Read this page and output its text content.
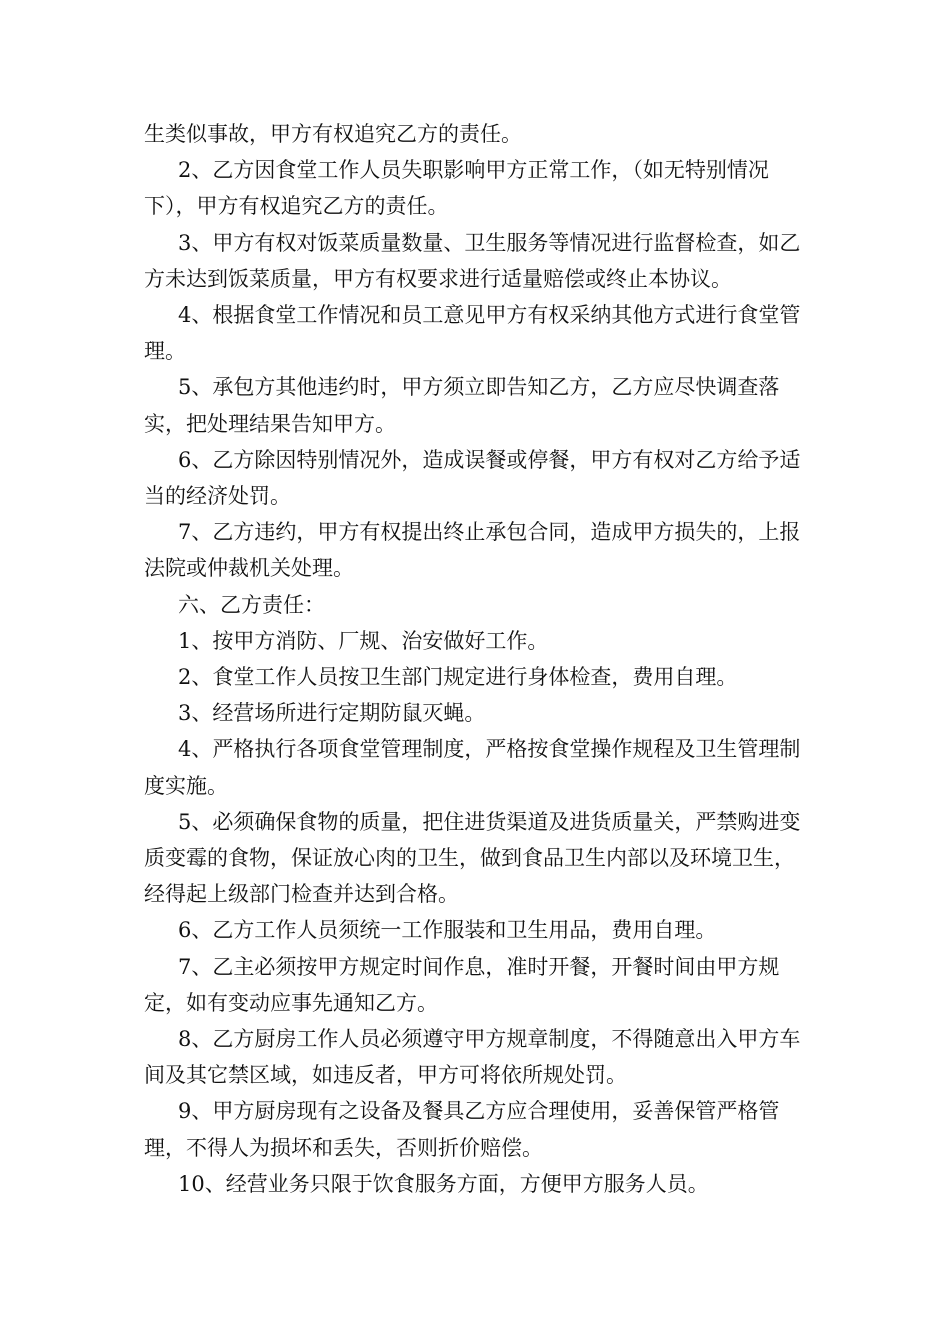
生类似事故，甲方有权追究乙方的责任。

2、乙方因食堂工作人员失职影响甲方正常工作，（如无特别情况下），甲方有权追究乙方的责任。

3、甲方有权对饭菜质量数量、卫生服务等情况进行监督检查，如乙方未达到饭菜质量，甲方有权要求进行适量赔偿或终止本协议。

4、根据食堂工作情况和员工意见甲方有权采纳其他方式进行食堂管理。

5、承包方其他违约时，甲方须立即告知乙方，乙方应尽快调查落实，把处理结果告知甲方。

6、乙方除因特别情况外，造成误餐或停餐，甲方有权对乙方给予适当的经济处罚。

7、乙方违约，甲方有权提出终止承包合同，造成甲方损失的，上报法院或仲裁机关处理。

六、乙方责任：

1、按甲方消防、厂规、治安做好工作。

2、食堂工作人员按卫生部门规定进行身体检查，费用自理。

3、经营场所进行定期防鼠灭蝇。

4、严格执行各项食堂管理制度，严格按食堂操作规程及卫生管理制度实施。

5、必须确保食物的质量，把住进货渠道及进货质量关，严禁购进变质变霉的食物，保证放心肉的卫生，做到食品卫生内部以及环境卫生，经得起上级部门检查并达到合格。

6、乙方工作人员须统一工作服装和卫生用品，费用自理。

7、乙主必须按甲方规定时间作息，准时开餐，开餐时间由甲方规定，如有变动应事先通知乙方。

8、乙方厨房工作人员必须遵守甲方规章制度，不得随意出入甲方车间及其它禁区域，如违反者，甲方可将依所规处罚。

9、甲方厨房现有之设备及餐具乙方应合理使用，妥善保管严格管理，不得人为损坏和丢失，否则折价赔偿。

10、经营业务只限于饮食服务方面，方便甲方服务人员。
